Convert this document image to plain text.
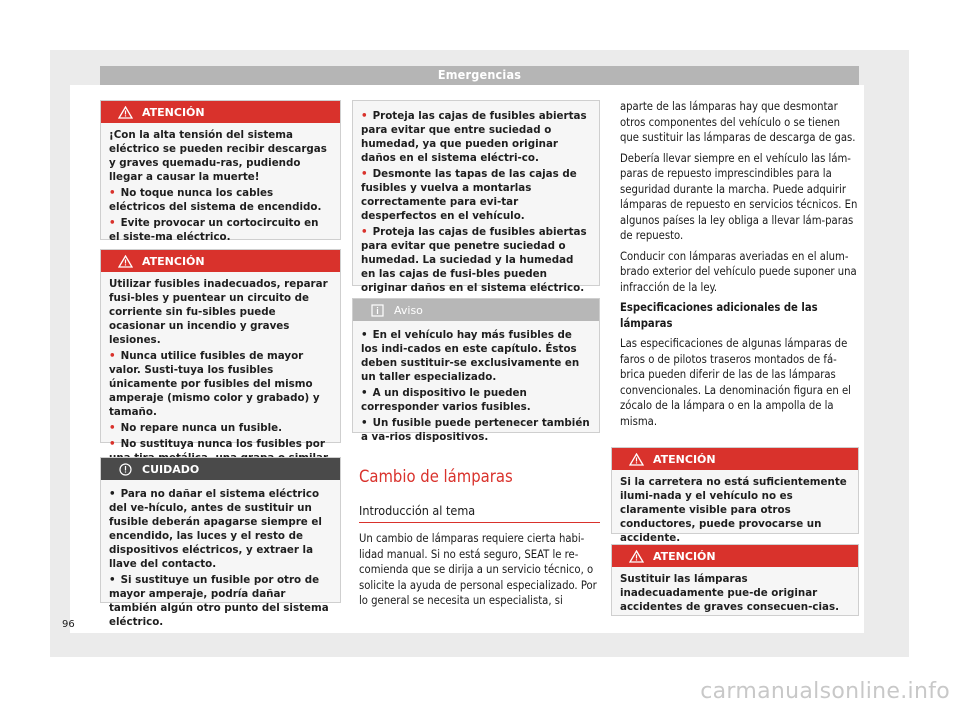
Emergencias
ATENCIÓN

¡Con la alta tensión del sistema eléctrico se pueden recibir descargas y graves quemadu-ras, pudiendo llegar a causar la muerte!

• No toque nunca los cables eléctricos del sistema de encendido.
• Evite provocar un cortocircuito en el siste-ma eléctrico.
ATENCIÓN

Utilizar fusibles inadecuados, reparar fusi-bles y puentear un circuito de corriente sin fu-sibles puede ocasionar un incendio y graves lesiones.

• Nunca utilice fusibles de mayor valor. Susti-tuya los fusibles únicamente por fusibles del mismo amperaje (mismo color y grabado) y tamaño.
• No repare nunca un fusible.
• No sustituya nunca los fusibles por
CUIDADO
• Para no dañar el sistema eléctrico del ve-hículo, antes de sustituir un fusible deberán apagarse siempre el encendido, las luces y el resto de dispositivos eléctricos, y extraer la llave del contacto.
• Si sustituye un fusible por otro de mayor amperaje, podría dañar también algún otro punto del sistema eléctrico.
• Proteja las cajas de fusibles abiertas para evitar que entre suciedad o humedad, ya que pueden originar daños en el sistema eléctri-co.
• Desmonte las tapas de las cajas de fusibles y vuelva a montarlas correctamente para evi-tar desperfectos en el vehículo.
• Proteja las cajas de fusibles abiertas para evitar que penetre suciedad o humedad. La suciedad y la humedad en las cajas de fusi-bles pueden originar daños en el sistema eléctrico.
Aviso
• En el vehículo hay más fusibles de los indi-cados en este capítulo. Éstos deben sustituir-se exclusivamente en un taller especializado.
• A un dispositivo le pueden corresponder varios fusibles.
• Un fusible puede pertenecer también a va-rios dispositivos.
Cambio de lámparas
Introducción al tema

Un cambio de lámparas requiere cierta habi-lidad manual. Si no está seguro, SEAT le re-comienda que se dirija a un servicio técnico, o solicite la ayuda de personal especializado. Por lo general se necesita un especialista, si

aparte de las lámparas hay que desmontar otros componentes del vehículo o se tienen que sustituir las lámparas de descarga de gas.

Debería llevar siempre en el vehículo las lám-paras de repuesto imprescindibles para la seguridad durante la marcha. Puede adquirir lámparas de repuesto en servicios técnicos. En algunos países la ley obliga a llevar lám-paras de repuesto.

Conducir con lámparas averiadas en el alum-brado exterior del vehículo puede suponer una infracción de la ley.

Especificaciones adicionales de las lámparas

Las especificaciones de algunas lámparas de faros o de pilotos traseros montados de fá-brica pueden diferir de las de las lámparas convencionales. La denominación figura en el zócalo de la lámpara o en la ampolla de la misma.

ATENCIÓN

Si la carretera no está suficientemente ilumi-nada y el vehículo no es claramente visible para otros conductores, puede provocarse un accidente.

ATENCIÓN

Sustituir las lámparas inadecuadamente pue-de originar accidentes de graves consecuen-cias.

96
carmanualsonline.info
